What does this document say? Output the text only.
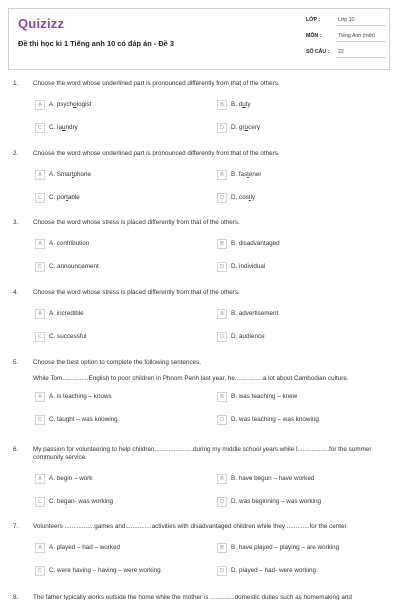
Quizizz
Đề thi học kì 1 Tiếng anh 10 có đáp án - Đề 3
LỚP :	Lớp 10
MÔN :	Tiếng Anh (mới)
SỐ CÂU : 22
1. Choose the word whose underlined part is pronounced differently from that of the others.
A	A. psychologist	B	B. duty
C	C. laundry	D	D. grocery
2. Choose the word whose underlined part is pronounced differently from that of the others.
A	A. Smartphone	B	B. fastener
C	C. portable	D	D. costly
3. Choose the word whose stress is placed differently from that of the others.
A	A. contribution	B	B. disadvantaged
C	C. announcement	D	D. individual
4. Choose the word whose stress is placed differently from that of the others.
A	A. incredible	B	B. advertisement
C	C. successful	D	D. audience
5. Choose the best option to complete the following sentences.
While Tom...............English to poor children in Phnom Penh last year, he................a lot about Cambodian culture.
A	A. is teaching – knows	B	B. was teaching – knew
C	C. taught – was knowing	D	D. was teaching – was knowing
6. My passion for volunteering to help children......................during my middle school years while I..................for the summer community service.
A	A. begin – work	B	B. have begun – have worked
C	C. began- was working	D	D. was beginning – was working
7. Volunteers .................games and...............activities with disadvantaged children while they .............for the center.
A	A. played – had – worked	B	B. have played – playing – are working
C	C. were having – having – were working	D	D. played – had- were working
8. The father typically works outside the home while the mother is ..............domestic duties such as homemaking and
